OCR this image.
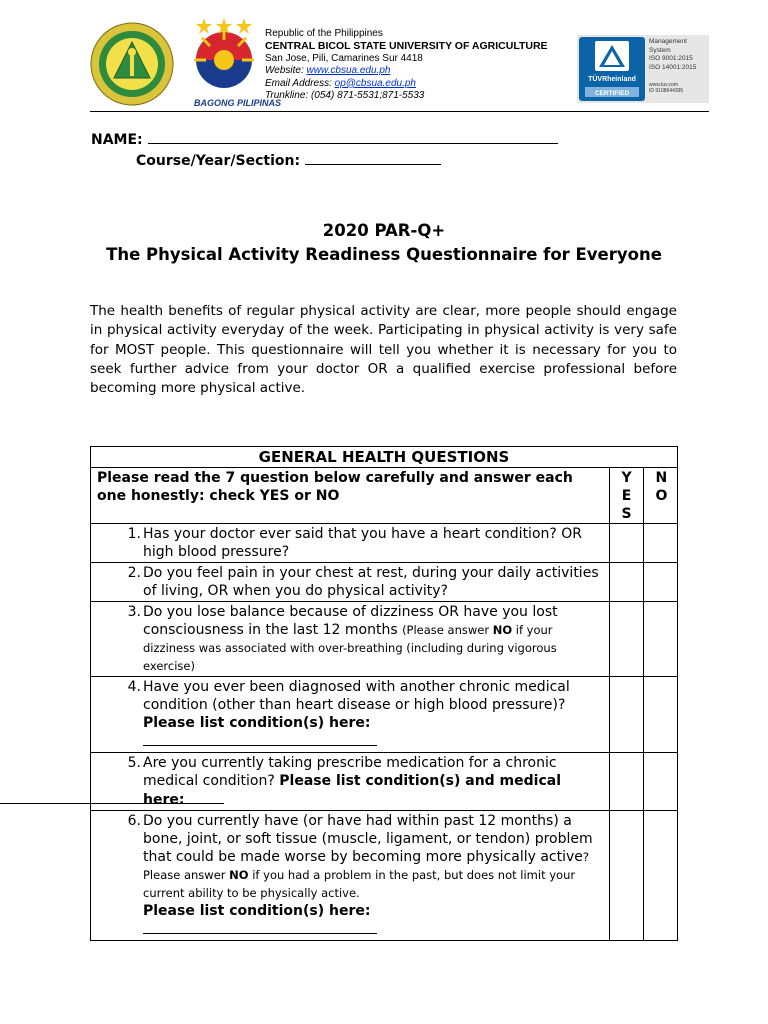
BAGONG PILIPINAS
Republic of the Philippines
CENTRAL BICOL STATE UNIVERSITY OF AGRICULTURE
San Jose, Pili, Camarines Sur 4418
Website: www.cbsua.edu.ph
Email Address: op@cbsua.edu.ph
Trunkline: (054) 871-5531;871-5533
TÜVRheinland
CERTIFIED
Management
System
ISO 9001:2015
ISO 14001:2015
www.tuv.com
ID 9108644395
NAME:
Course/Year/Section:
2020 PAR-Q+
The Physical Activity Readiness Questionnaire for Everyone
The health benefits of regular physical activity are clear, more people should engage in physical activity everyday of the week. Participating in physical activity is very safe for MOST people. This questionnaire will tell you whether it is necessary for you to seek further advice from your doctor OR a qualified exercise professional before becoming more physical active.
GENERAL HEALTH QUESTIONS		
Please read the 7 question below carefully and answer each one honestly: check YES or NO	Y E S	N O

1. Has your doctor ever said that you have a heart condition? OR high blood pressure?		

2. Do you feel pain in your chest at rest, during your daily activities of living, OR when you do physical activity?		

3. Do you lose balance because of dizziness OR have you lost consciousness in the last 12 months (Please answer NO if your dizziness was associated with over-breathing (including during vigorous exercise)		

4. Have you ever been diagnosed with another chronic medical condition (other than heart disease or high blood pressure)? Please list condition(s) here:		

5. Are you currently taking prescribe medication for a chronic medical condition? Please list condition(s) and medical here:		

6. Do you currently have (or have had within past 12 months) a bone, joint, or soft tissue (muscle, ligament, or tendon) problem that could be made worse by becoming more physically active? Please answer NO if you had a problem in the past, but does not limit your current ability to be physically active.
Please list condition(s) here:		
